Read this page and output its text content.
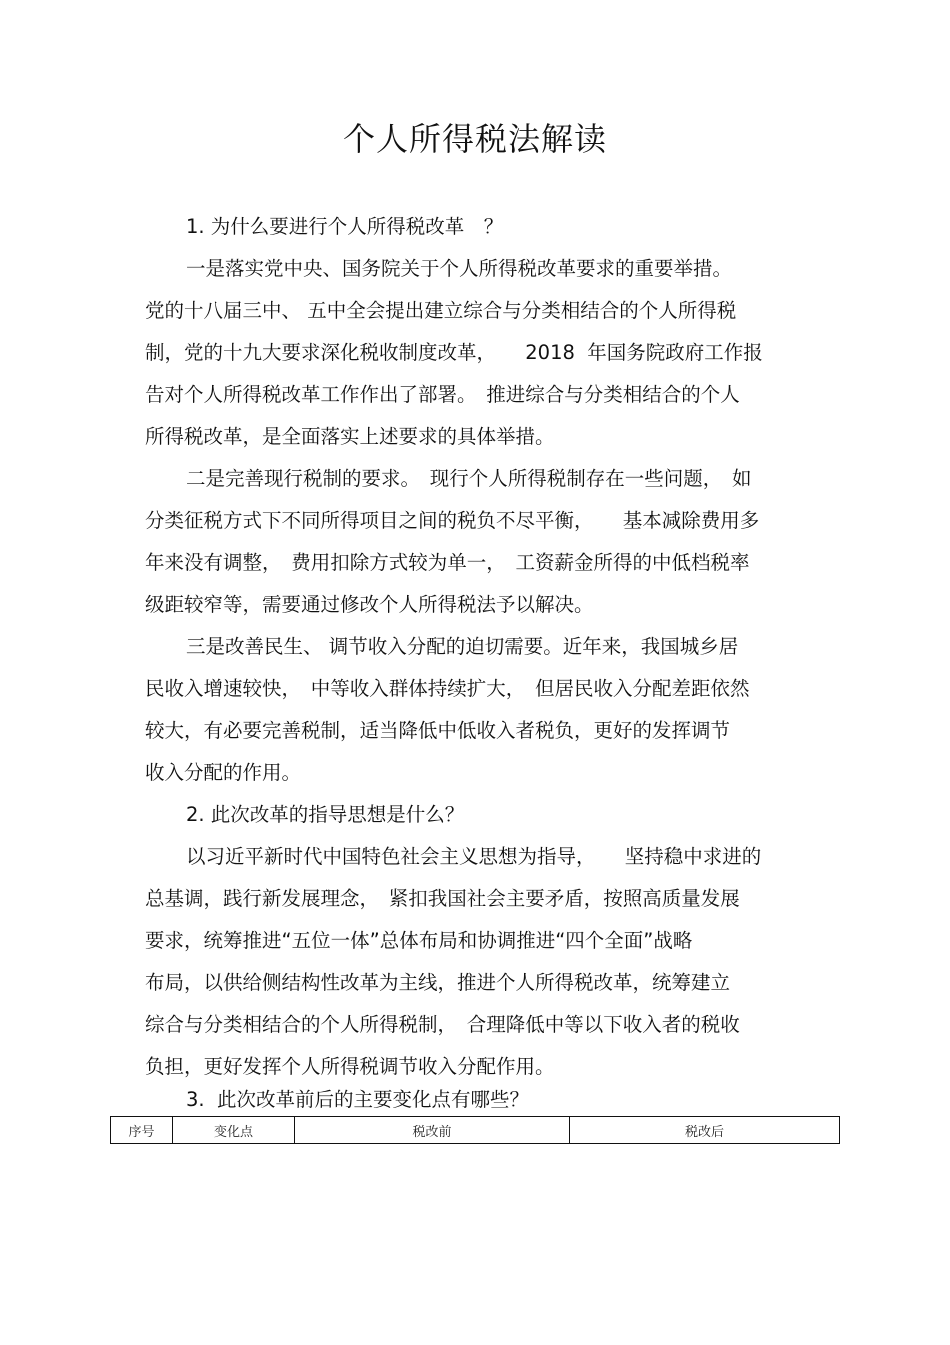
个人所得税法解读
1. 为什么要进行个人所得税改革　？
一是落实党中央、国务院关于个人所得税改革要求的重要举措。
党的十八届三中、 五中全会提出建立综合与分类相结合的个人所得税
制，党的十九大要求深化税收制度改革，　　2018  年国务院政府工作报
告对个人所得税改革工作作出了部署。　推进综合与分类相结合的个人
所得税改革，是全面落实上述要求的具体举措。
二是完善现行税制的要求。　现行个人所得税制存在一些问题，　如
分类征税方式下不同所得项目之间的税负不尽平衡，　　基本减除费用多
年来没有调整，　费用扣除方式较为单一，　工资薪金所得的中低档税率
级距较窄等，需要通过修改个人所得税法予以解决。
三是改善民生、 调节收入分配的迫切需要。近年来，我国城乡居
民收入增速较快，　中等收入群体持续扩大，　但居民收入分配差距依然
较大，有必要完善税制，适当降低中低收入者税负，更好的发挥调节
收入分配的作用。
2. 此次改革的指导思想是什么？
以习近平新时代中国特色社会主义思想为指导，　　坚持稳中求进的
总基调，践行新发展理念，　紧扣我国社会主要矛盾，按照高质量发展
要求，统筹推进“五位一体”总体布局和协调推进“四个全面”战略
布局，以供给侧结构性改革为主线，推进个人所得税改革，统筹建立
综合与分类相结合的个人所得税制，　合理降低中等以下收入者的税收
负担，更好发挥个人所得税调节收入分配作用。
3.  此次改革前后的主要变化点有哪些？
序号	变化点	税改前	税改后
